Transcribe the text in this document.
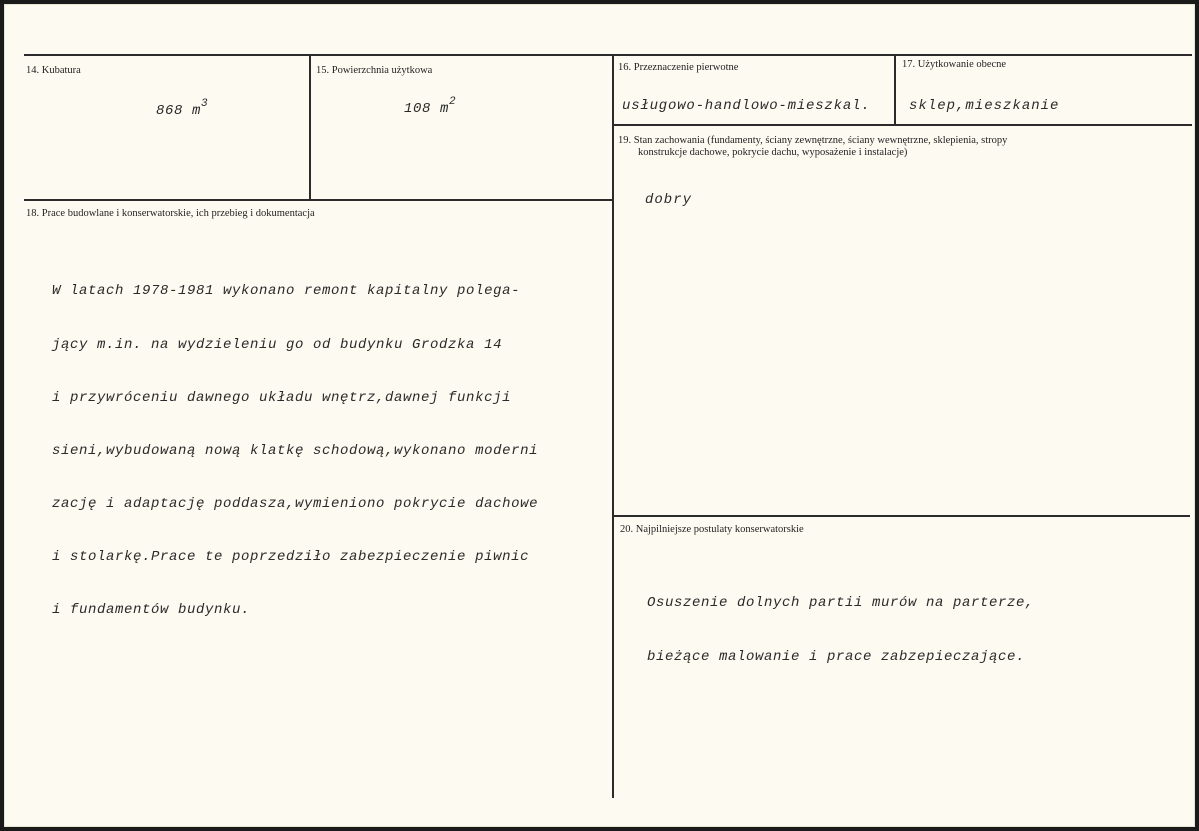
14. Kubatura
868 $m^3$
15. Powierzchnia użytkowa
108 $m^2$
16. Przeznaczenie pierwotne
usługowo-handlowo-mieszkal.
17. Użytkowanie obecne
sklep,mieszkanie
18. Prace budowlane i konserwatorskie, ich przebieg i dokumentacja

W latach 1978-1981 wykonano remont kapitalny polega-

jący m.in. na wydzieleniu go od budynku Grodzka 14

i przywróceniu dawnego układu wnętrz,dawnej funkcji

sieni,wybudowaną nową klatkę schodową,wykonano moderni

zację i adaptację poddasza,wymieniono pokrycie dachowe

i stolarkę.Prace te poprzedziło zabezpieczenie piwnic

i fundamentów budynku.

19. Stan zachowania (fundamenty, ściany zewnętrzne, ściany wewnętrzne, sklepienia, stropy
konstrukcje dachowe, pokrycie dachu, wyposażenie i instalacje)
dobry
20. Najpilniejsze postulaty konserwatorskie

Osuszenie dolnych partii murów na parterze,

bieżące malowanie i prace zabzepieczające.
